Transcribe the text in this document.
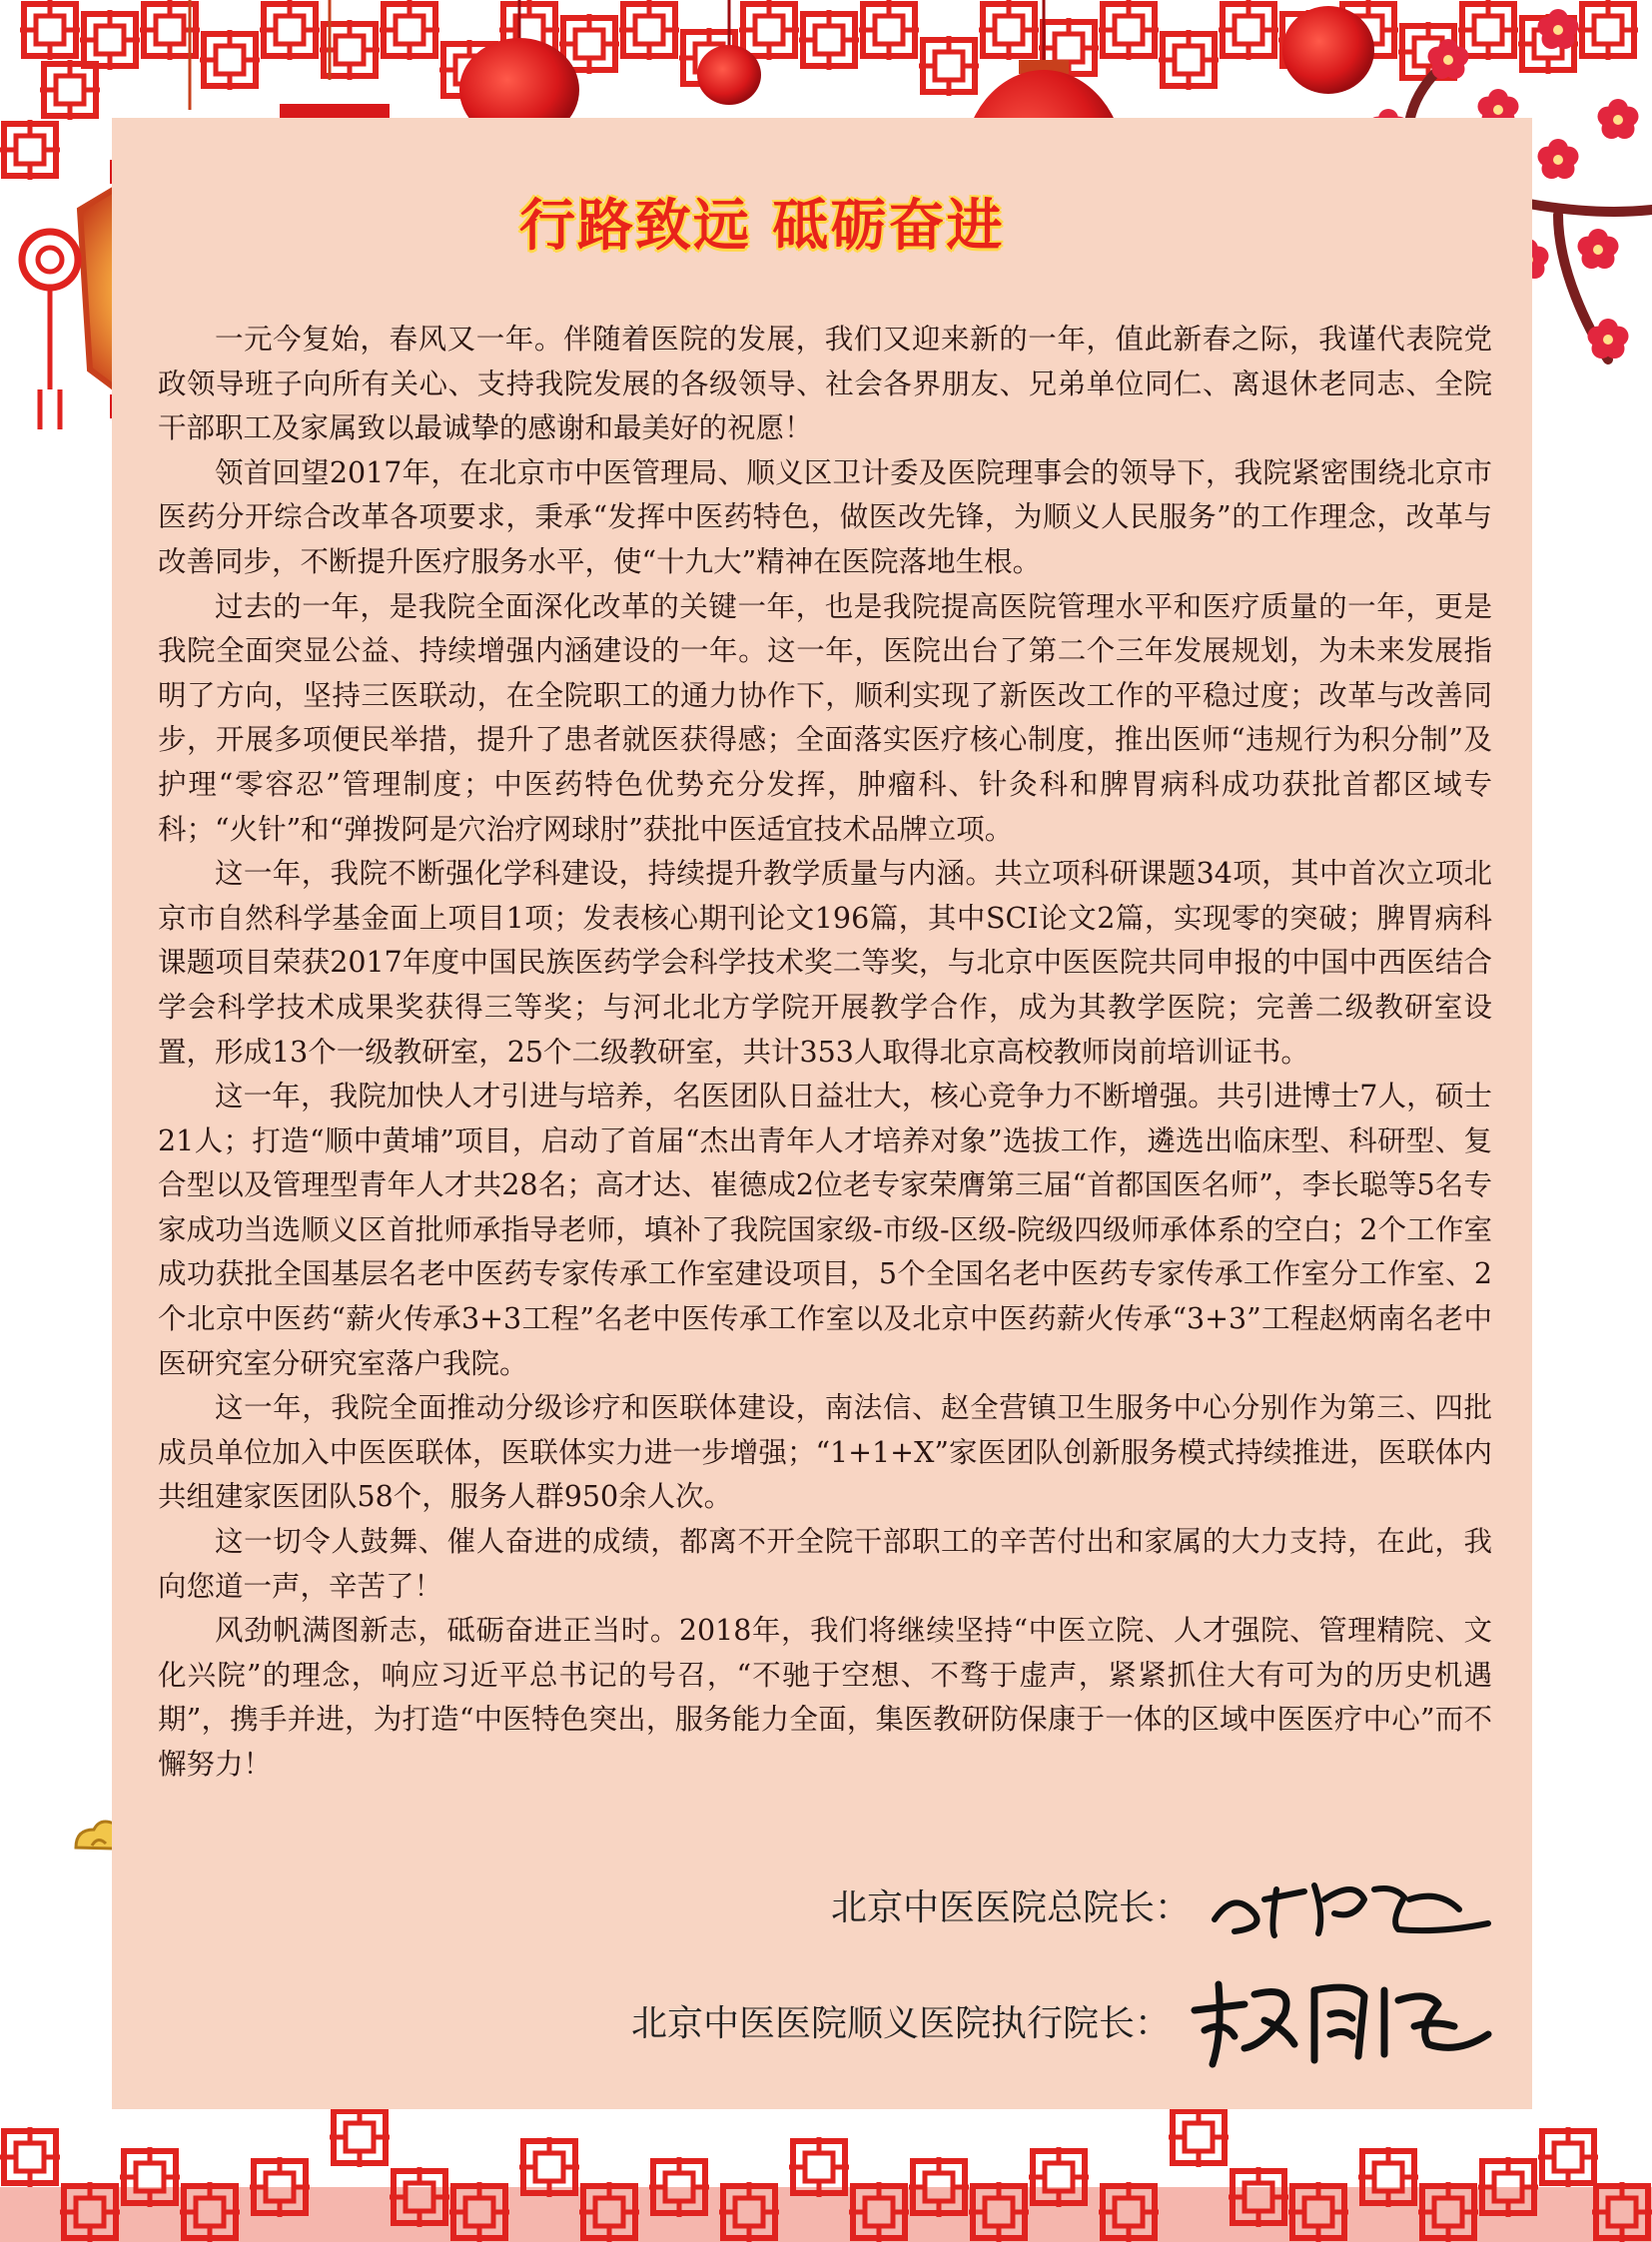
行路致远 砥砺奋进

一元今复始，春风又一年。伴随着医院的发展，我们又迎来新的一年，值此新春之际，我谨代表院党政领导班子向所有关心、支持我院发展的各级领导、社会各界朋友、兄弟单位同仁、离退休老同志、全院干部职工及家属致以最诚挚的感谢和最美好的祝愿！

领首回望2017年，在北京市中医管理局、顺义区卫计委及医院理事会的领导下，我院紧密围绕北京市医药分开综合改革各项要求，秉承“发挥中医药特色，做医改先锋，为顺义人民服务”的工作理念，改革与改善同步，不断提升医疗服务水平，使“十九大”精神在医院落地生根。

过去的一年，是我院全面深化改革的关键一年，也是我院提高医院管理水平和医疗质量的一年，更是我院全面突显公益、持续增强内涵建设的一年。这一年，医院出台了第二个三年发展规划，为未来发展指明了方向，坚持三医联动，在全院职工的通力协作下，顺利实现了新医改工作的平稳过度；改革与改善同步，开展多项便民举措，提升了患者就医获得感；全面落实医疗核心制度，推出医师“违规行为积分制”及护理“零容忍”管理制度；中医药特色优势充分发挥，肿瘤科、针灸科和脾胃病科成功获批首都区域专科；“火针”和“弹拨阿是穴治疗网球肘”获批中医适宜技术品牌立项。

这一年，我院不断强化学科建设，持续提升教学质量与内涵。共立项科研课题34项，其中首次立项北京市自然科学基金面上项目1项；发表核心期刊论文196篇，其中SCI论文2篇，实现零的突破；脾胃病科课题项目荣获2017年度中国民族医药学会科学技术奖二等奖，与北京中医医院共同申报的中国中西医结合学会科学技术成果奖获得三等奖；与河北北方学院开展教学合作，成为其教学医院；完善二级教研室设置，形成13个一级教研室，25个二级教研室，共计353人取得北京高校教师岗前培训证书。

这一年，我院加快人才引进与培养，名医团队日益壮大，核心竞争力不断增强。共引进博士7人，硕士21人；打造“顺中黄埔”项目，启动了首届“杰出青年人才培养对象”选拔工作，遴选出临床型、科研型、复合型以及管理型青年人才共28名；高才达、崔德成2位老专家荣膺第三届“首都国医名师”，李长聪等5名专家成功当选顺义区首批师承指导老师，填补了我院国家级-市级-区级-院级四级师承体系的空白；2个工作室成功获批全国基层名老中医药专家传承工作室建设项目，5个全国名老中医药专家传承工作室分工作室、2个北京中医药“薪火传承3+3工程”名老中医传承工作室以及北京中医药薪火传承“3+3”工程赵炳南名老中医研究室分研究室落户我院。

这一年，我院全面推动分级诊疗和医联体建设，南法信、赵全营镇卫生服务中心分别作为第三、四批成员单位加入中医医联体，医联体实力进一步增强；“1+1+X”家医团队创新服务模式持续推进，医联体内共组建家医团队58个，服务人群950余人次。

这一切令人鼓舞、催人奋进的成绩，都离不开全院干部职工的辛苦付出和家属的大力支持，在此，我向您道一声，辛苦了！

风劲帆满图新志，砥砺奋进正当时。2018年，我们将继续坚持“中医立院、人才强院、管理精院、文化兴院”的理念，响应习近平总书记的号召，“不驰于空想、不骛于虚声，紧紧抓住大有可为的历史机遇期”，携手并进，为打造“中医特色突出，服务能力全面，集医教研防保康于一体的区域中医医疗中心”而不懈努力！

北京中医医院总院长：
北京中医医院顺义医院执行院长：
